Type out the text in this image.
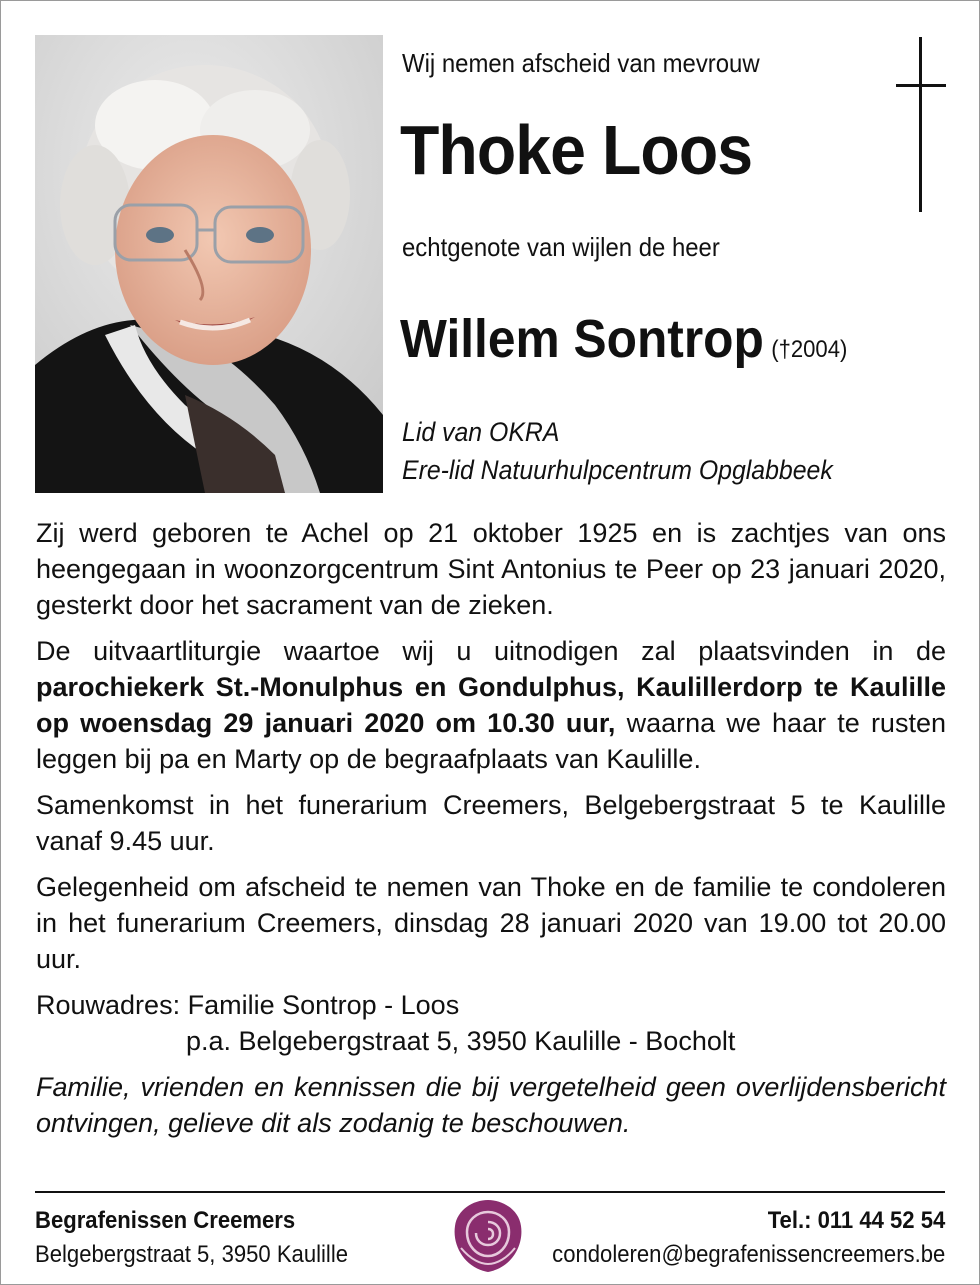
Wij nemen afscheid van mevrouw
Thoke Loos
echtgenote van wijlen de heer
Willem Sontrop (†2004)
Lid van OKRA
Ere-lid Natuurhulpcentrum Opglabbeek

Zij werd geboren te Achel op 21 oktober 1925 en is zachtjes van ons heengegaan in woonzorgcentrum Sint Antonius te Peer op 23 januari 2020, gesterkt door het sacrament van de zieken.

De uitvaartliturgie waartoe wij u uitnodigen zal plaatsvinden in de parochiekerk St.-Monulphus en Gondulphus, Kaulillerdorp te Kaulille op woensdag 29 januari 2020 om 10.30 uur, waarna we haar te rusten leggen bij pa en Marty op de begraafplaats van Kaulille.

Samenkomst in het funerarium Creemers, Belgebergstraat 5 te Kaulille vanaf 9.45 uur.

Gelegenheid om afscheid te nemen van Thoke en de familie te condoleren in het funerarium Creemers, dinsdag 28 januari 2020 van 19.00 tot 20.00 uur.

Rouwadres: Familie Sontrop - Loos
p.a. Belgebergstraat 5, 3950 Kaulille - Bocholt

Familie, vrienden en kennissen die bij vergetelheid geen overlijdensbericht ontvingen, gelieve dit als zodanig te beschouwen.

Begrafenissen Creemers
Belgebergstraat 5, 3950 Kaulille
Tel.: 011 44 52 54
condoleren@begrafenissencreemers.be
